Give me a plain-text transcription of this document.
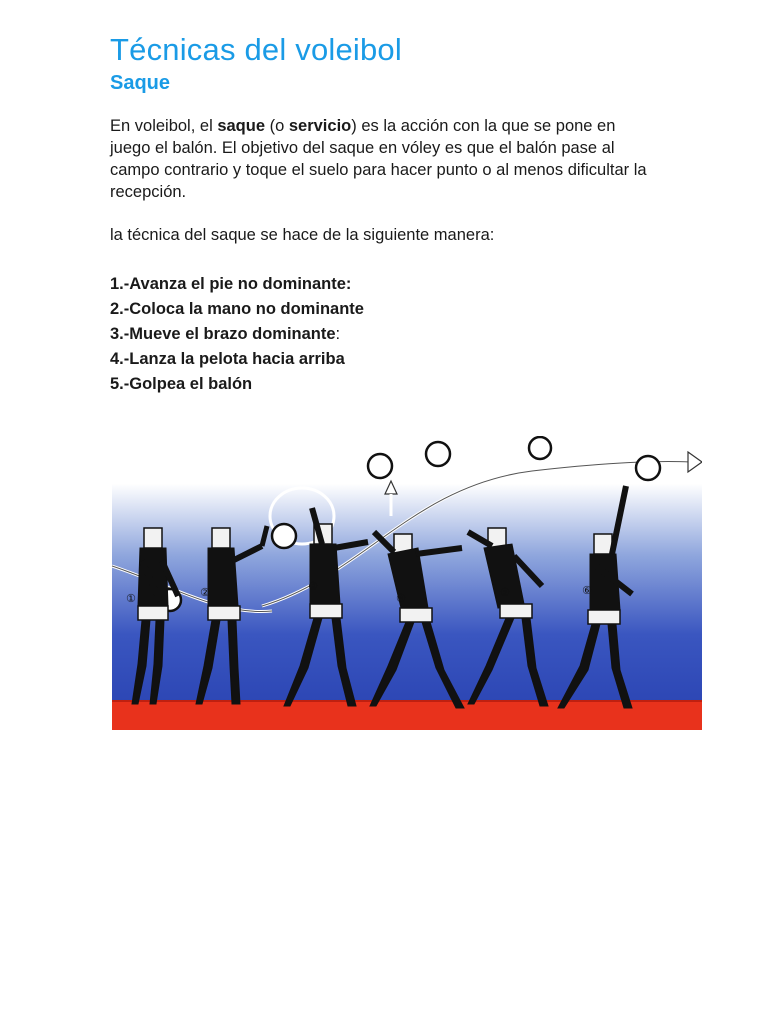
Técnicas del voleibol
Saque

En voleibol, el saque (o servicio) es la acción con la que se pone en juego el balón. El objetivo del saque en vóley es que el balón pase al campo contrario y toque el suelo para hacer punto o al menos dificultar la recepción.

la técnica del saque se hace de la siguiente manera:

1.-Avanza el pie no dominante:
2.-Coloca la mano no dominante
3.-Mueve el brazo dominante:
4.-Lanza la pelota hacia arriba
5.-Golpea el balón
①	②	③
④	⑤	⑥
